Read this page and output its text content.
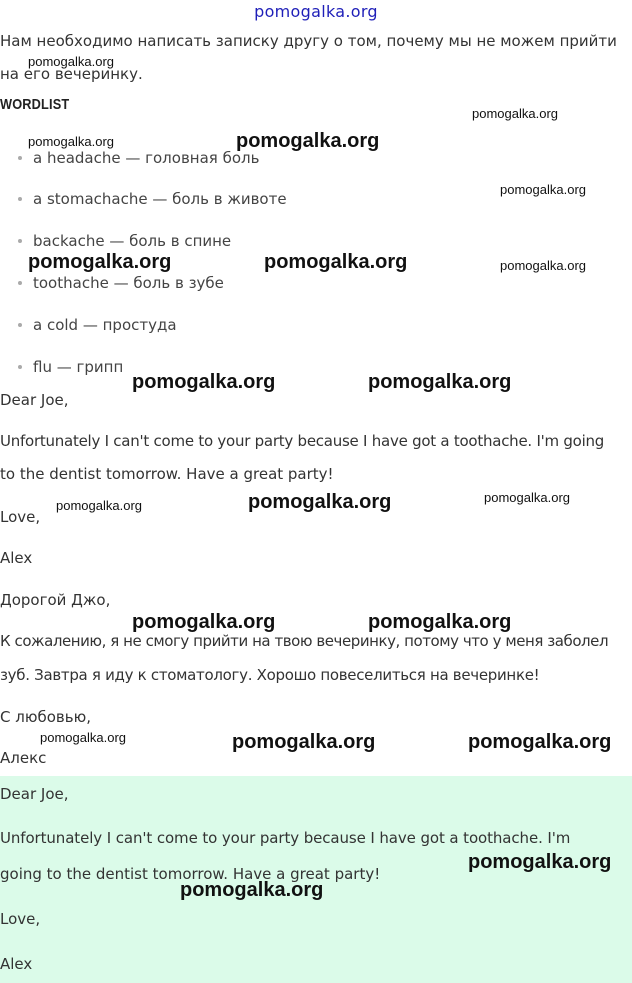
pomogalka.org
Нам необходимо написать записку другу о том, почему мы не можем прийти
на его вечеринку.
WORDLIST
a headache — головная боль
a stomachache — боль в животе
backache — боль в спине
toothache — боль в зубе
a cold — простуда
flu — грипп
Dear Joe,
Unfortunately I can't come to your party because I have got a toothache. I'm going
to the dentist tomorrow. Have a great party!
Love,
Alex
Дорогой Джо,
К сожалению, я не смогу прийти на твою вечеринку, потому что у меня заболел
зуб. Завтра я иду к стоматологу. Хорошо повеселиться на вечеринке!
С любовью,
Алекс
Dear Joe,
Unfortunately I can't come to your party because I have got a toothache. I'm
going to the dentist tomorrow. Have a great party!
Love,
Alex
pomogalka.org
pomogalka.org
pomogalka.org	pomogalka.org
pomogalka.org
pomogalka.org	pomogalka.org	pomogalka.org
pomogalka.org	pomogalka.org
pomogalka.org	pomogalka.org
pomogalka.org
pomogalka.org	pomogalka.org
pomogalka.org	pomogalka.org	pomogalka.org
pomogalka.org
pomogalka.org
